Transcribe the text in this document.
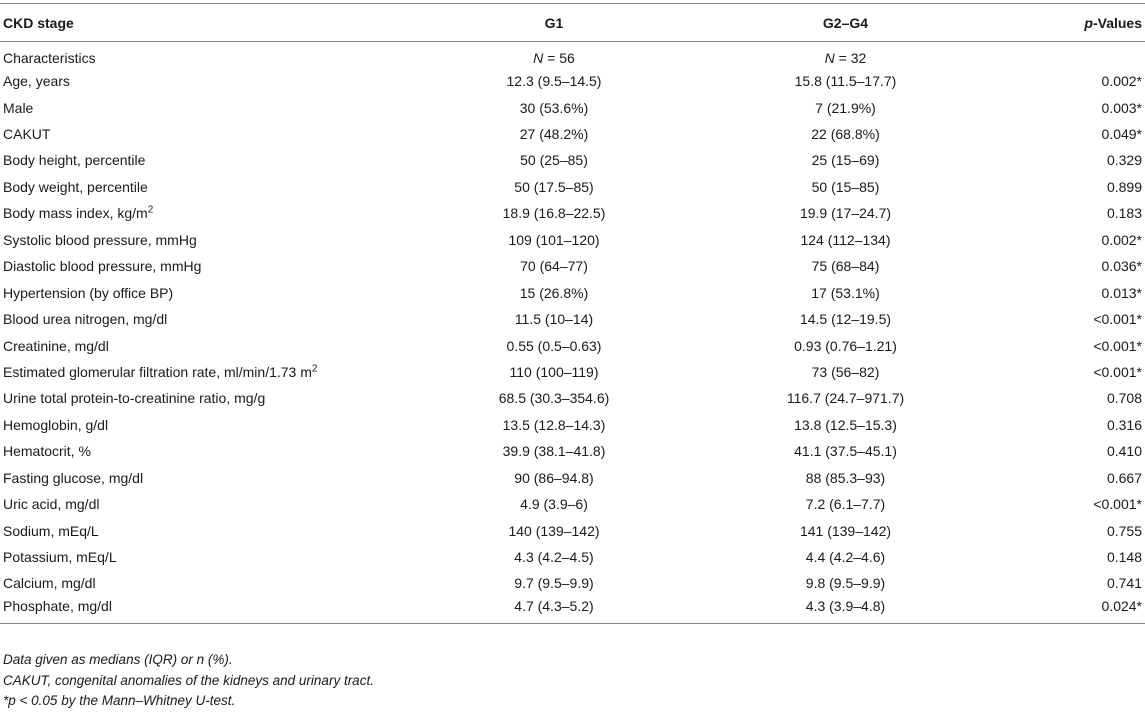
CKD stage	G1	G2–G4	p-Values
Characteristics	N = 56	N = 32	
Age, years	12.3 (9.5–14.5)	15.8 (11.5–17.7)	0.002*
Male	30 (53.6%)	7 (21.9%)	0.003*
CAKUT	27 (48.2%)	22 (68.8%)	0.049*
Body height, percentile	50 (25–85)	25 (15–69)	0.329
Body weight, percentile	50 (17.5–85)	50 (15–85)	0.899
Body mass index, $kg/m^2$	18.9 (16.8–22.5)	19.9 (17–24.7)	0.183
Systolic blood pressure, mmHg	109 (101–120)	124 (112–134)	0.002*
Diastolic blood pressure, mmHg	70 (64–77)	75 (68–84)	0.036*
Hypertension (by office BP)	15 (26.8%)	17 (53.1%)	0.013*
Blood urea nitrogen, mg/dl	11.5 (10–14)	14.5 (12–19.5)	<0.001*
Creatinine, mg/dl	0.55 (0.5–0.63)	0.93 (0.76–1.21)	<0.001*
Estimated glomerular filtration rate, ml/min/1.73 $m^2$	110 (100–119)	73 (56–82)	<0.001*
Urine total protein-to-creatinine ratio, mg/g	68.5 (30.3–354.6)	116.7 (24.7–971.7)	0.708
Hemoglobin, g/dl	13.5 (12.8–14.3)	13.8 (12.5–15.3)	0.316
Hematocrit, %	39.9 (38.1–41.8)	41.1 (37.5–45.1)	0.410
Fasting glucose, mg/dl	90 (86–94.8)	88 (85.3–93)	0.667
Uric acid, mg/dl	4.9 (3.9–6)	7.2 (6.1–7.7)	<0.001*
Sodium, mEq/L	140 (139–142)	141 (139–142)	0.755
Potassium, mEq/L	4.3 (4.2–4.5)	4.4 (4.2–4.6)	0.148
Calcium, mg/dl	9.7 (9.5–9.9)	9.8 (9.5–9.9)	0.741
Phosphate, mg/dl	4.7 (4.3–5.2)	4.3 (3.9–4.8)	0.024*
Data given as medians (IQR) or n (%).
CAKUT, congenital anomalies of the kidneys and urinary tract.
*p < 0.05 by the Mann–Whitney U-test.
